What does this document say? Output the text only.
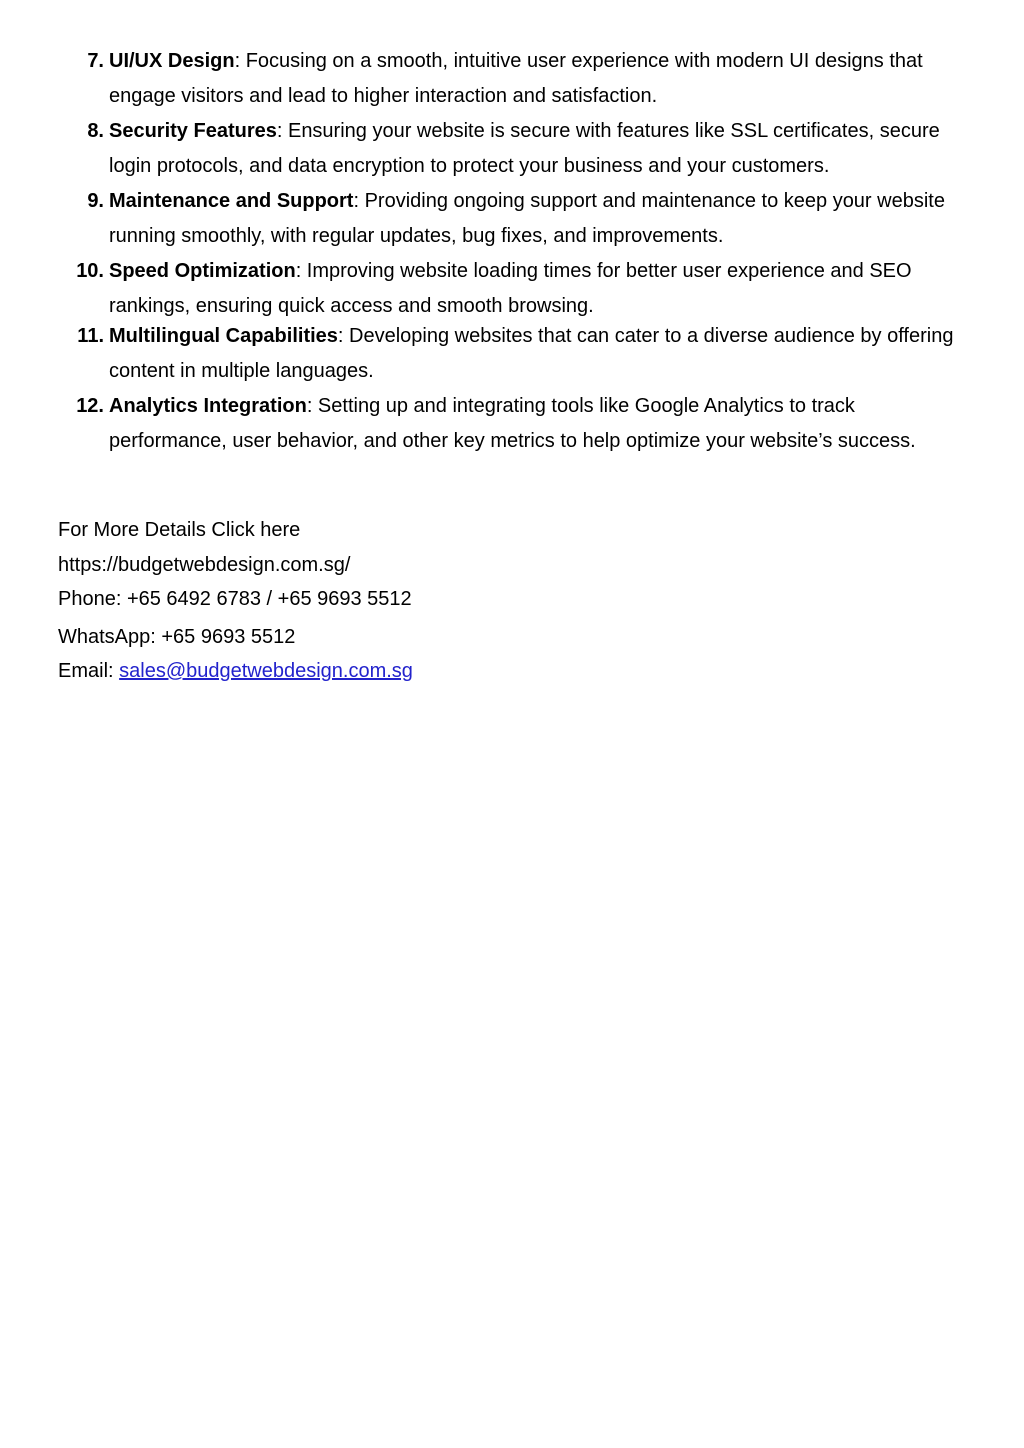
7. UI/UX Design: Focusing on a smooth, intuitive user experience with modern UI designs that engage visitors and lead to higher interaction and satisfaction.
8. Security Features: Ensuring your website is secure with features like SSL certificates, secure login protocols, and data encryption to protect your business and your customers.
9. Maintenance and Support: Providing ongoing support and maintenance to keep your website running smoothly, with regular updates, bug fixes, and improvements.
10. Speed Optimization: Improving website loading times for better user experience and SEO rankings, ensuring quick access and smooth browsing.
11. Multilingual Capabilities: Developing websites that can cater to a diverse audience by offering content in multiple languages.
12. Analytics Integration: Setting up and integrating tools like Google Analytics to track performance, user behavior, and other key metrics to help optimize your website’s success.
For More Details Click here
https://budgetwebdesign.com.sg/
Phone: +65 6492 6783 / +65 9693 5512
WhatsApp: +65 9693 5512
Email: sales@budgetwebdesign.com.sg
